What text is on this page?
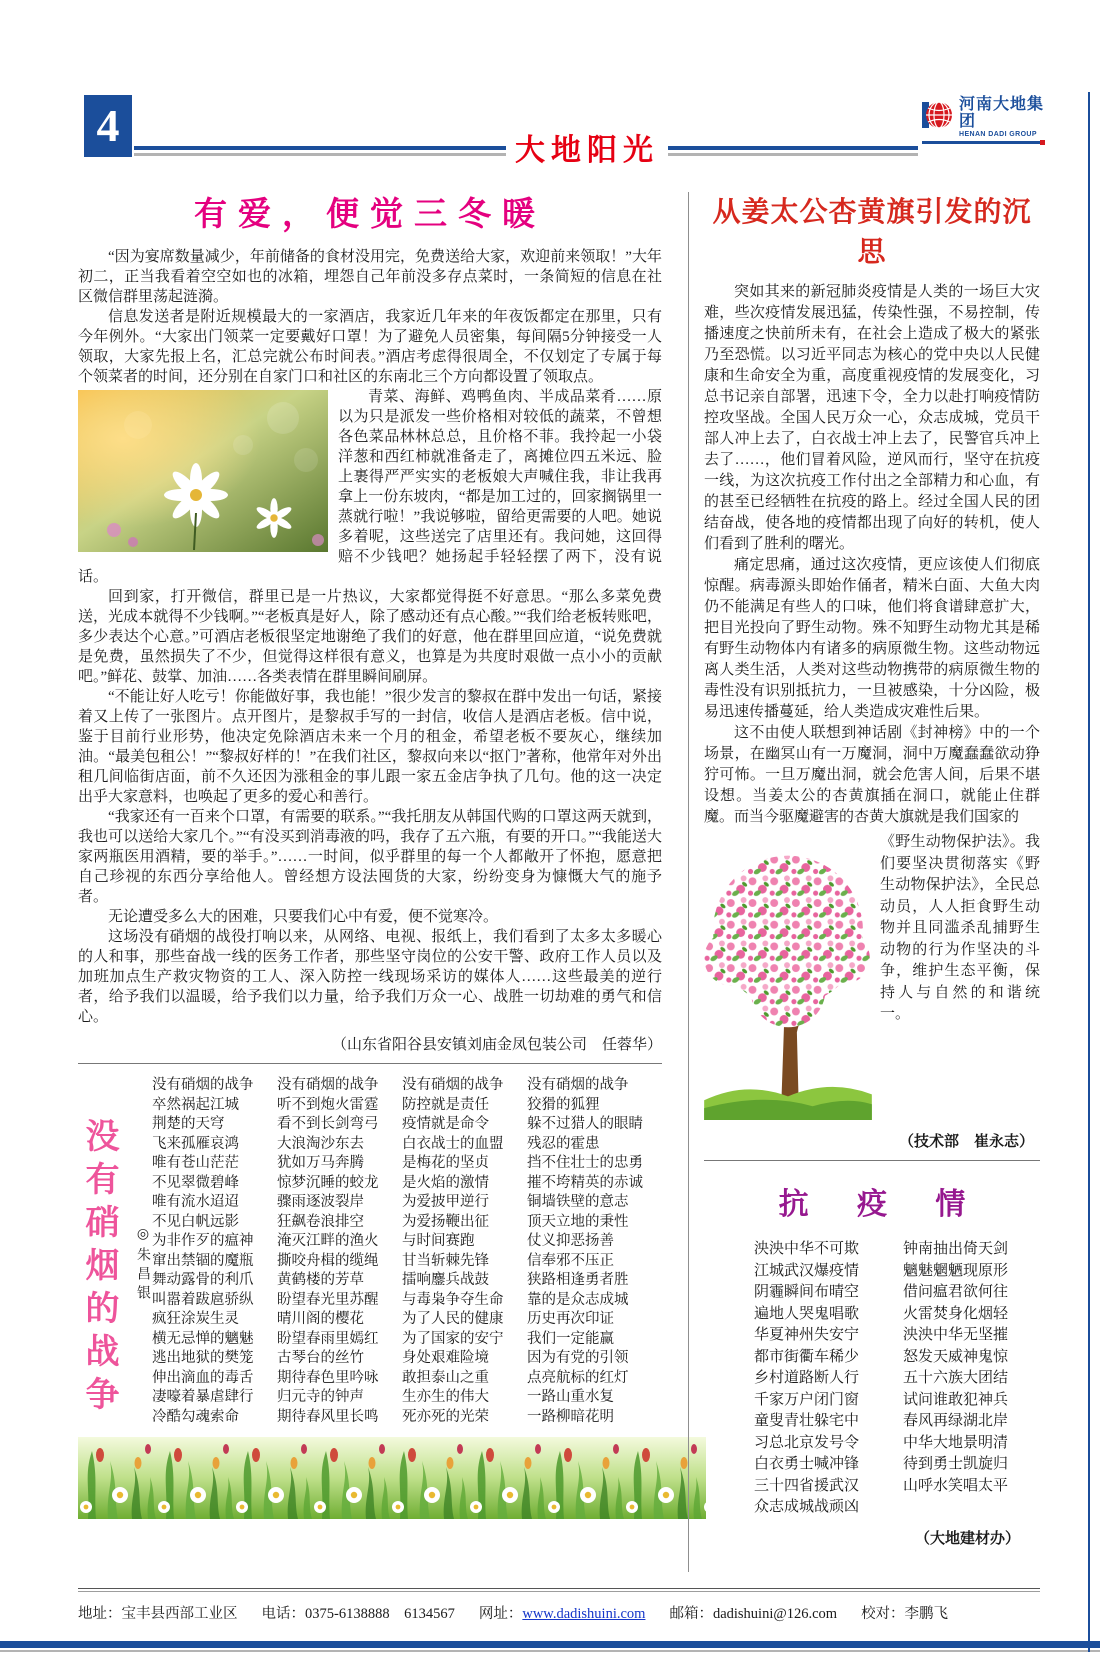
4	大地阳光
河南大地集团
HENAN DADI GROUP
有爱，便觉三冬暖

“因为宴席数量减少，年前储备的食材没用完，免费送给大家，欢迎前来领取！”大年初二，正当我看着空空如也的冰箱，埋怨自己年前没多存点菜时，一条简短的信息在社区微信群里荡起涟漪。

信息发送者是附近规模最大的一家酒店，我家近几年来的年夜饭都定在那里，只有今年例外。“大家出门领菜一定要戴好口罩！为了避免人员密集，每间隔5分钟接受一人领取，大家先报上名，汇总完就公布时间表。”酒店考虑得很周全，不仅划定了专属于每个领菜者的时间，还分别在自家门口和社区的东南北三个方向都设置了领取点。

青菜、海鲜、鸡鸭鱼肉、半成品菜肴……原以为只是派发一些价格相对较低的蔬菜，不曾想各色菜品林林总总，且价格不菲。我拎起一小袋洋葱和西红柿就准备走了，离摊位四五米远、脸上裹得严严实实的老板娘大声喊住我，非让我再拿上一份东坡肉，“都是加工过的，回家搁锅里一蒸就行啦！”我说够啦，留给更需要的人吧。她说多着呢，这些送完了店里还有。我问她，这回得赔不少钱吧？她扬起手轻轻摆了两下，没有说话。

回到家，打开微信，群里已是一片热议，大家都觉得挺不好意思。“那么多菜免费送，光成本就得不少钱啊。”“老板真是好人，除了感动还有点心酸。”“我们给老板转账吧，多少表达个心意。”可酒店老板很坚定地谢绝了我们的好意，他在群里回应道，“说免费就是免费，虽然损失了不少，但觉得这样很有意义，也算是为共度时艰做一点小小的贡献吧。”鲜花、鼓掌、加油……各类表情在群里瞬间刷屏。

“不能让好人吃亏！你能做好事，我也能！”很少发言的黎叔在群中发出一句话，紧接着又上传了一张图片。点开图片，是黎叔手写的一封信，收信人是酒店老板。信中说，鉴于目前行业形势，他决定免除酒店未来一个月的租金，希望老板不要灰心，继续加油。“最美包租公！”“黎叔好样的！”在我们社区，黎叔向来以“抠门”著称，他常年对外出租几间临街店面，前不久还因为涨租金的事儿跟一家五金店争执了几句。他的这一决定出乎大家意料，也唤起了更多的爱心和善行。

“我家还有一百来个口罩，有需要的联系。”“我托朋友从韩国代购的口罩这两天就到，我也可以送给大家几个。”“有没买到消毒液的吗，我存了五六瓶，有要的开口。”“我能送大家两瓶医用酒精，要的举手。”……一时间，似乎群里的每一个人都敞开了怀抱，愿意把自己珍视的东西分享给他人。曾经想方设法囤货的大家，纷纷变身为慷慨大气的施予者。

无论遭受多么大的困难，只要我们心中有爱，便不觉寒冷。

这场没有硝烟的战役打响以来，从网络、电视、报纸上，我们看到了太多太多暖心的人和事，那些奋战一线的医务工作者，那些坚守岗位的公安干警、政府工作人员以及加班加点生产救灾物资的工人、深入防控一线现场采访的媒体人……这些最美的逆行者，给予我们以温暖，给予我们以力量，给予我们万众一心、战胜一切劫难的勇气和信心。

（山东省阳谷县安镇刘庙金凤包装公司　任蓉华）
没有硝烟的战争	◎朱昌银
没有硝烟的战争
卒然祸起江城
荆楚的天穹
飞来孤雁哀鸿
唯有苍山茫茫
不见翠微碧峰
唯有流水迢迢
不见白帆远影
为非作歹的瘟神
窜出禁锢的魔瓶
舞动露骨的利爪
叫嚣着跋扈骄纵
疯狂涂炭生灵
横无忌惮的魑魅
逃出地狱的樊笼
伸出滴血的毒舌
凄嚎着暴虐肆行
冷酷勾魂索命
没有硝烟的战争
听不到炮火雷霆
看不到长剑弯弓
大浪淘沙东去
犹如万马奔腾
惊梦沉睡的蛟龙
骤雨逐波裂岸
狂飙卷浪排空
淹灭江畔的渔火
撕咬舟楫的缆绳
黄鹤楼的芳草
盼望春光里苏醒
晴川阁的樱花
盼望春雨里嫣红
古琴台的丝竹
期待春色里吟咏
归元寺的钟声
期待春风里长鸣
没有硝烟的战争
防控就是责任
疫情就是命令
白衣战士的血盟
是梅花的坚贞
是火焰的激情
为爱披甲逆行
为爱扬鞭出征
与时间赛跑
甘当斩棘先锋
擂响鏖兵战鼓
与毒枭争夺生命
为了人民的健康
为了国家的安宁
身处艰难险境
敢担泰山之重
生亦生的伟大
死亦死的光荣
没有硝烟的战争
狡猾的狐狸
躲不过猎人的眼睛
残忍的霍患
挡不住壮士的忠勇
摧不垮精英的赤诚
铜墙铁壁的意志
顶天立地的秉性
仗义抑恶扬善
信奉邪不压正
狭路相逢勇者胜
靠的是众志成城
历史再次印证
我们一定能赢
因为有党的引领
点亮航标的红灯
一路山重水复
一路柳暗花明
从姜太公杏黄旗引发的沉思

突如其来的新冠肺炎疫情是人类的一场巨大灾难，些次疫情发展迅猛，传染性强，不易控制，传播速度之快前所未有，在社会上造成了极大的紧张乃至恐慌。以习近平同志为核心的党中央以人民健康和生命安全为重，高度重视疫情的发展变化，习总书记亲自部署，迅速下令，全力以赴打响疫情防控攻坚战。全国人民万众一心，众志成城，党员干部人冲上去了，白衣战士冲上去了，民警官兵冲上去了……，他们冒着风险，逆风而行，坚守在抗疫一线，为这次抗疫工作付出之全部精力和心血，有的甚至已经牺牲在抗疫的路上。经过全国人民的团结奋战，使各地的疫情都出现了向好的转机，使人们看到了胜利的曙光。

痛定思痛，通过这次疫情，更应该使人们彻底惊醒。病毒源头即始作俑者，精米白面、大鱼大肉仍不能满足有些人的口味，他们将食谱肆意扩大，把目光投向了野生动物。殊不知野生动物尤其是稀有野生动物体内有诸多的病原微生物。这些动物远离人类生活，人类对这些动物携带的病原微生物的毒性没有识别抵抗力，一旦被感染，十分凶险，极易迅速传播蔓延，给人类造成灾难性后果。

这不由使人联想到神话剧《封神榜》中的一个场景，在幽冥山有一万魔洞，洞中万魔蠢蠢欲动狰狞可怖。一旦万魔出洞，就会危害人间，后果不堪设想。当姜太公的杏黄旗插在洞口，就能止住群魔。而当今驱魔避害的杏黄大旗就是我们国家的

《野生动物保护法》。我们要坚决贯彻落实《野生动物保护法》，全民总动员，人人拒食野生动物并且同滥杀乱捕野生动物的行为作坚决的斗争，维护生态平衡，保持人与自然的和谐统一。
（技术部　崔永志）
抗 疫 情
泱泱中华不可欺
江城武汉爆疫情
阴霾瞬间布晴空
遍地人哭鬼唱歌
华夏神州失安宁
都市街衢车稀少
乡村道路断人行
千家万户闭门窗
童叟青壮躲宅中
习总北京发号令
白衣勇士喊冲锋
三十四省援武汉
众志成城战顽凶
钟南抽出倚天剑
魑魅魍魉现原形
借问瘟君欲何往
火雷焚身化烟轻
泱泱中华无坚摧
怒发天威神鬼惊
五十六族大团结
试问谁敢犯神兵
春风再绿湖北岸
中华大地景明清
待到勇士凯旋归
山呼水笑唱太平
（大地建材办）
地址：宝丰县西部工业区 电话：0375-6138888　6134567 网址：www.dadishuini.com 邮箱：dadishuini@126.com 校对：李鹏飞
